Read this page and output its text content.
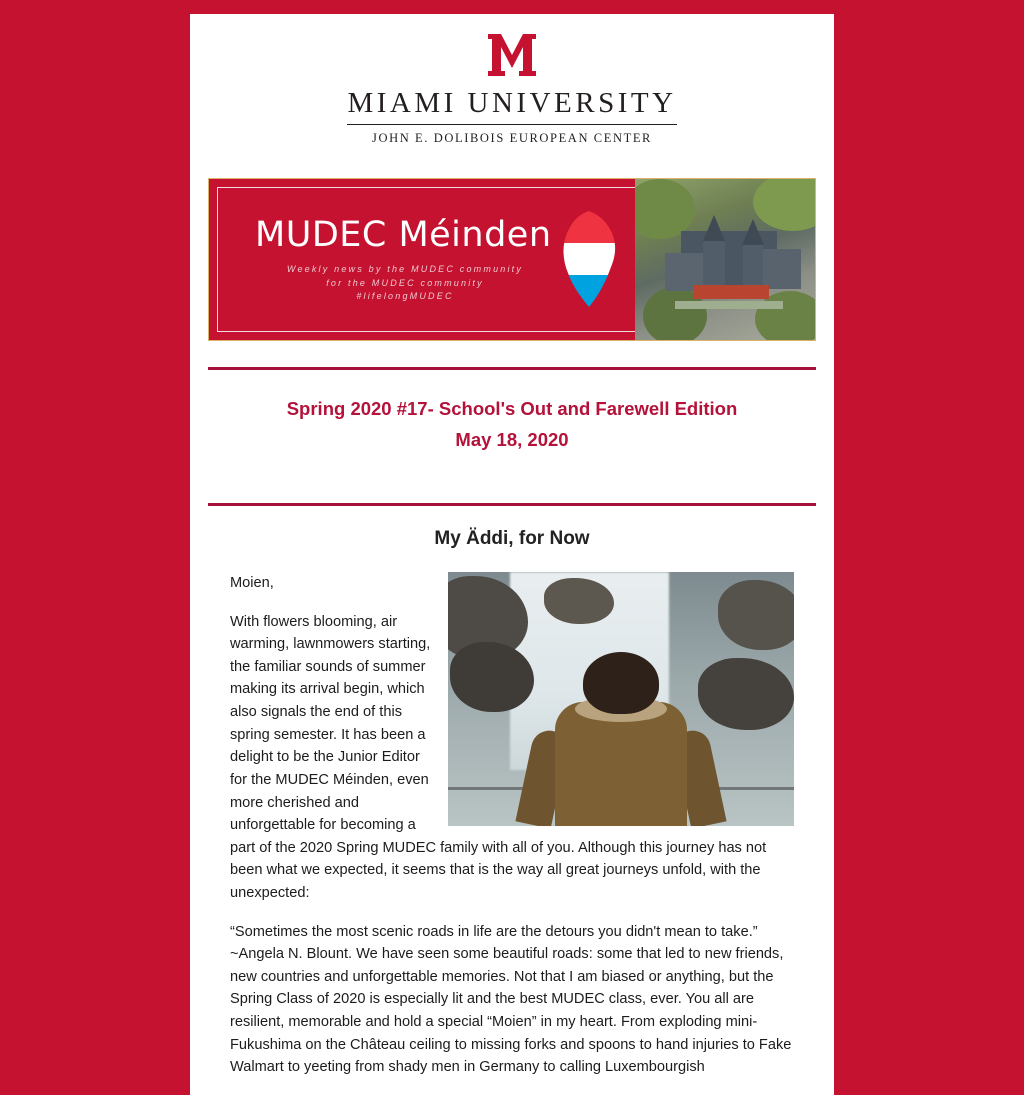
MIAMI UNIVERSITY
JOHN E. DOLIBOIS EUROPEAN CENTER
MUDEC Méinden
Weekly news by the MUDEC community
for the MUDEC community
#lifelongMUDEC
Spring 2020 #17- School's Out and Farewell Edition
May 18, 2020
My Äddi, for Now

Moien,

With flowers blooming, air warming, lawnmowers starting, the familiar sounds of summer making its arrival begin, which also signals the end of this spring semester. It has been a delight to be the Junior Editor for the MUDEC Méinden, even more cherished and unforgettable for becoming a part of the 2020 Spring MUDEC family with all of you. Although this journey has not been what we expected, it seems that is the way all great journeys unfold, with the unexpected:

“Sometimes the most scenic roads in life are the detours you didn't mean to take.” ~Angela N. Blount. We have seen some beautiful roads: some that led to new friends, new countries and unforgettable memories. Not that I am biased or anything, but the Spring Class of 2020 is especially lit and the best MUDEC class, ever. You all are resilient, memorable and hold a special “Moien” in my heart. From exploding mini-Fukushima on the Château ceiling to missing forks and spoons to hand injuries to Fake Walmart to yeeting from shady men in Germany to calling Luxembourgish
